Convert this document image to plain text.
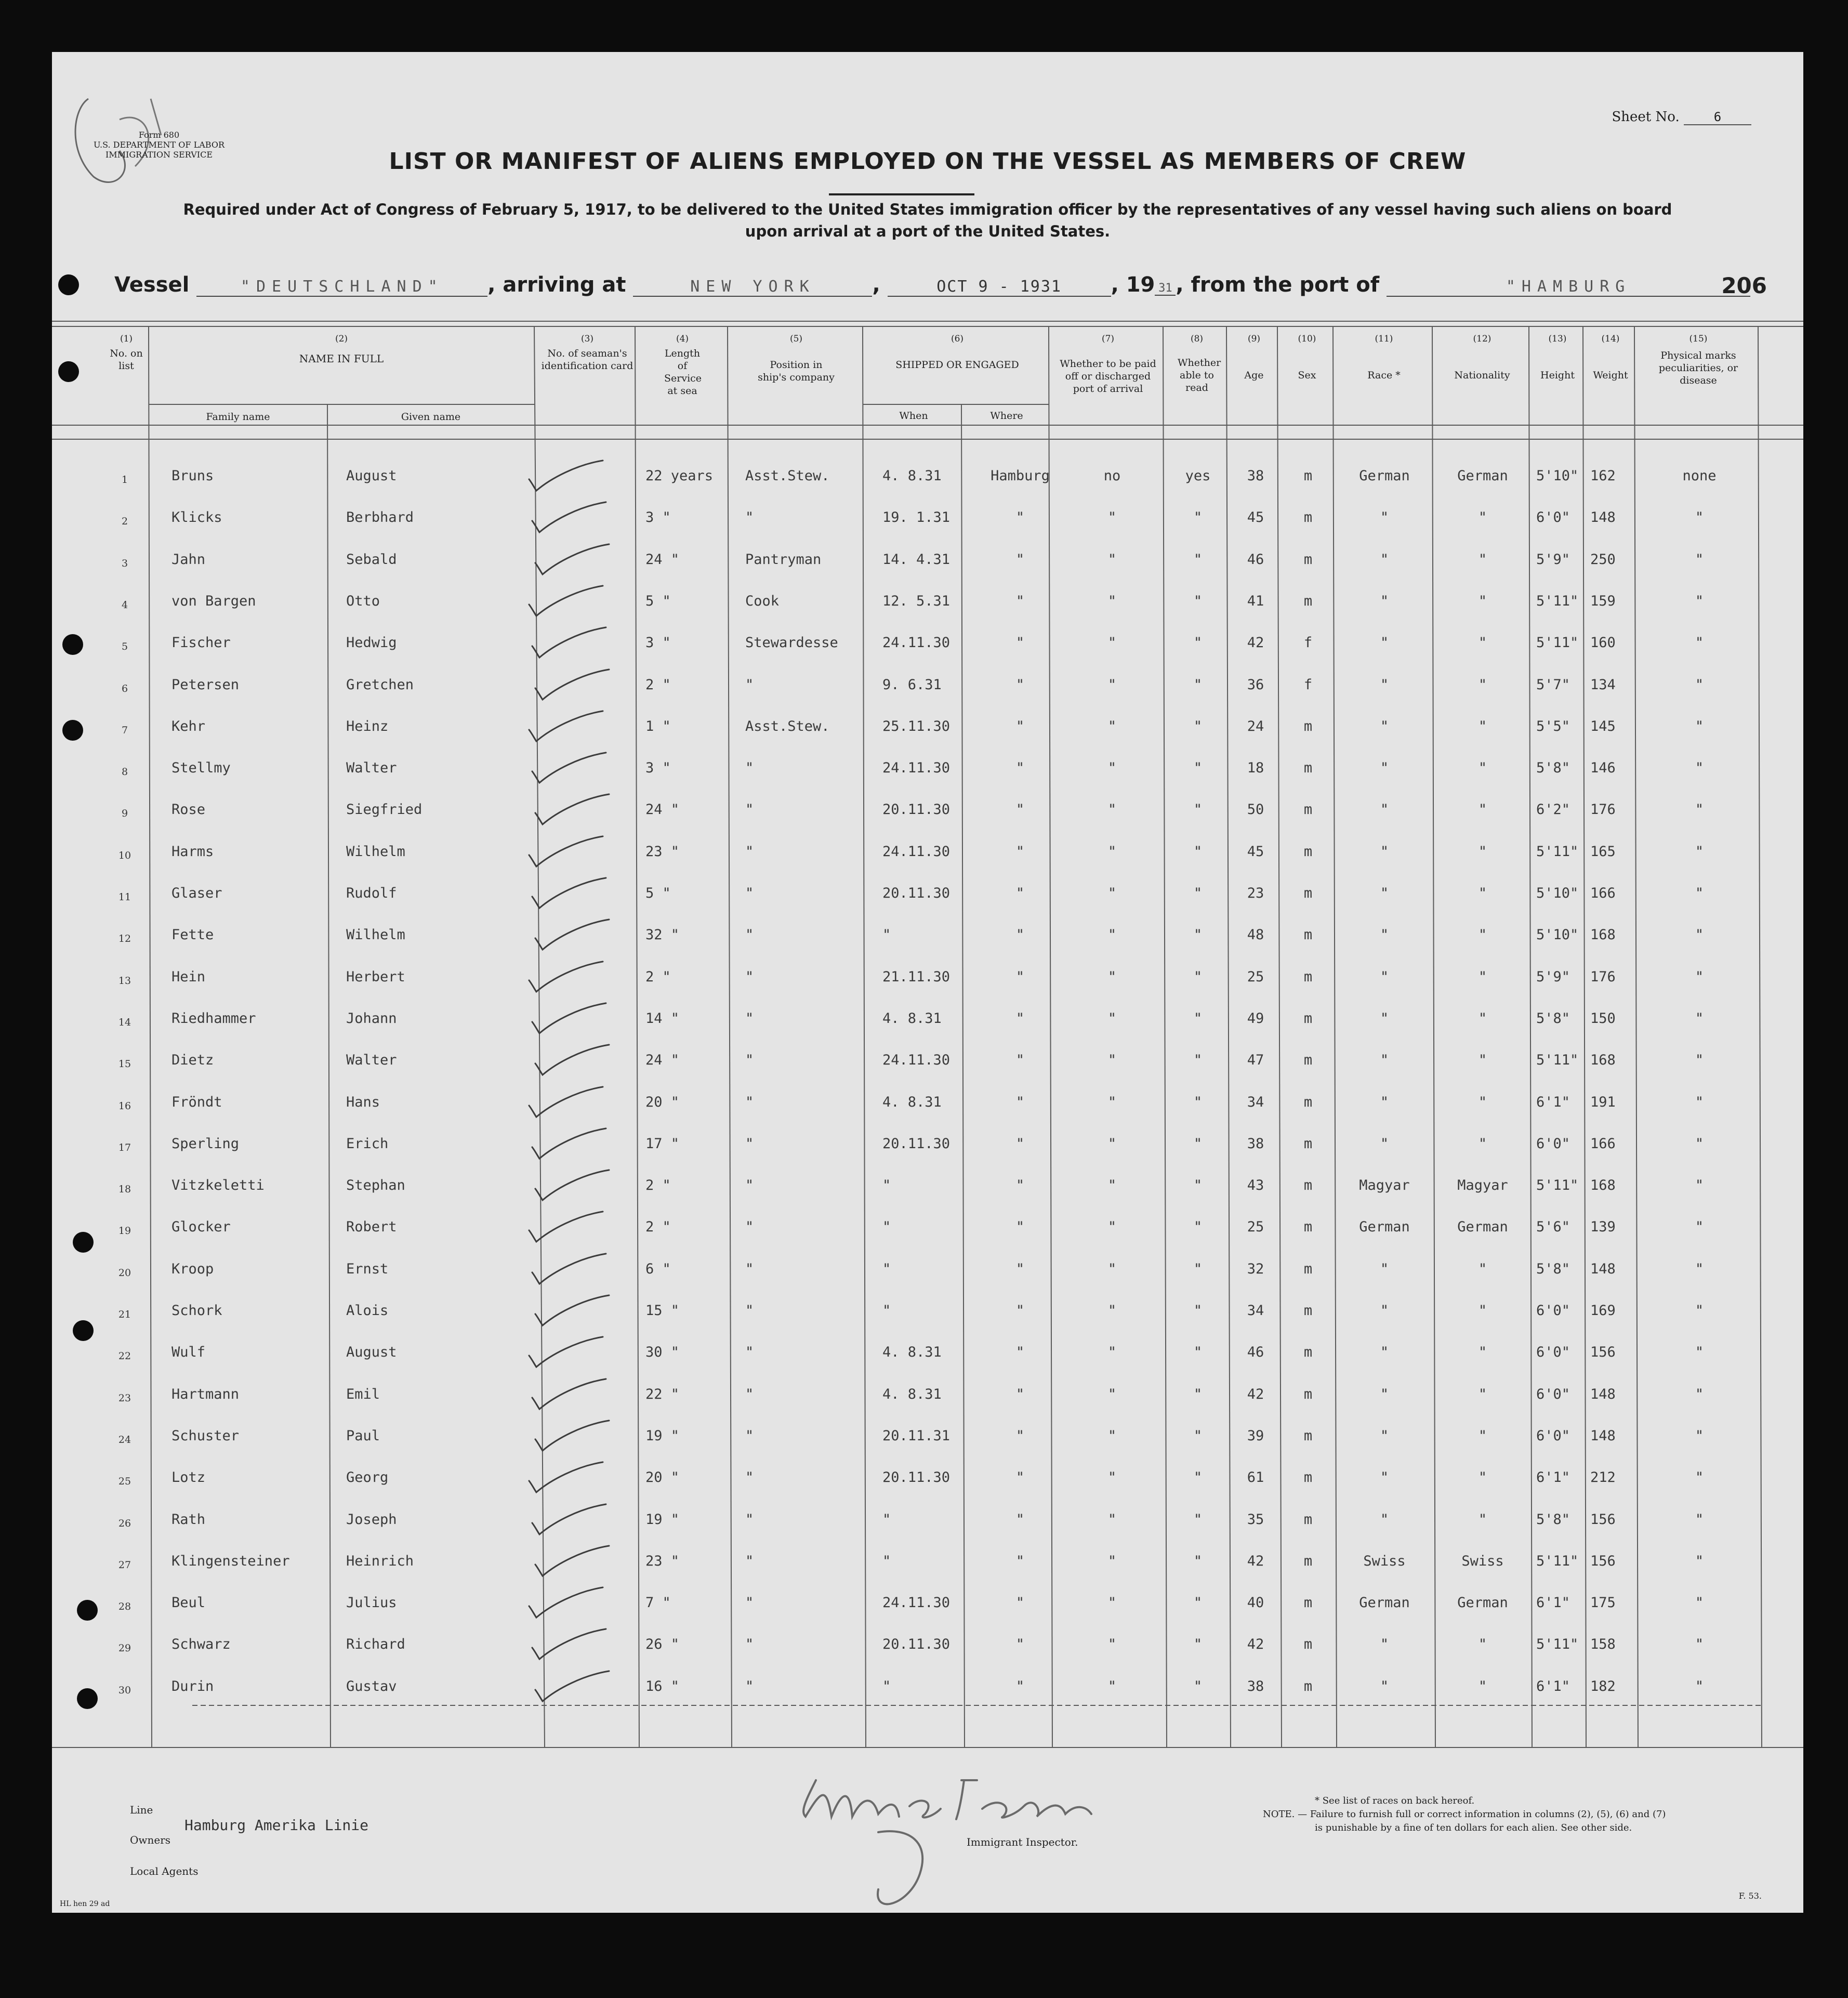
Form 680
U.S. DEPARTMENT OF LABOR
IMMIGRATION SERVICE
Sheet No.	6
LIST OR MANIFEST OF ALIENS EMPLOYED ON THE VESSEL AS MEMBERS OF CREW
Required under Act of Congress of February 5, 1917, to be delivered to the United States immigration officer by the representatives of any vessel having such aliens on board
upon arrival at a port of the United States.
Vessel	"DEUTSCHLAND" , arriving at	NEW YORK	,	OCT 9 - 1931 , 19 31 , from the port of	"HAMBURG	206
(1)
No. on list
(2)
NAME IN FULL
Family name	Given name
(3)
No. of seaman's identification card
(4)
Length of Service at sea
(5)
Position in ship's company
(6)
SHIPPED OR ENGAGED
When	Where
(7)
Whether to be paid off or discharged port of arrival
(8)
Whether able to read
(9)
Age
(10)
Sex
(11)
Race *
(12)
Nationality
(13)
Height
(14)
Weight
(15)
Physical marks peculiarities, or disease
1	Bruns	August	22 years Asst.Stew.	4. 8.31	Hamburg	no	yes	38	m	German	German	5'10" 162	none
2	Klicks	Berbhard	3 "	"	19. 1.31	"	"	"	45	m	"	"	6'0" 148	"
3	Jahn	Sebald	24 "	Pantryman	14. 4.31	"	"	"	46	m	"	"	5'9" 250	"
4	von Bargen	Otto	5 "	Cook	12. 5.31	"	"	"	41	m	"	"	5'11" 159	"
5	Fischer	Hedwig	3 "	Stewardesse	24.11.30	"	"	"	42	f	"	"	5'11" 160	"
6	Petersen	Gretchen	2 "	"	9. 6.31	"	"	"	36	f	"	"	5'7" 134	"
7	Kehr	Heinz	1 "	Asst.Stew.	25.11.30	"	"	"	24	m	"	"	5'5" 145	"
8	Stellmy	Walter	3 "	"	24.11.30	"	"	"	18	m	"	"	5'8" 146	"
9	Rose	Siegfried	24 "	"	20.11.30	"	"	"	50	m	"	"	6'2" 176	"
10	Harms	Wilhelm	23 "	"	24.11.30	"	"	"	45	m	"	"	5'11" 165	"
11	Glaser	Rudolf	5 "	"	20.11.30	"	"	"	23	m	"	"	5'10" 166	"
12	Fette	Wilhelm	32 "	"	"	"	"	"	48	m	"	"	5'10" 168	"
13	Hein	Herbert	2 "	"	21.11.30	"	"	"	25	m	"	"	5'9" 176	"
14	Riedhammer	Johann	14 "	"	4. 8.31	"	"	"	49	m	"	"	5'8" 150	"
15	Dietz	Walter	24 "	"	24.11.30	"	"	"	47	m	"	"	5'11" 168	"
16	Fröndt	Hans	20 "	"	4. 8.31	"	"	"	34	m	"	"	6'1" 191	"
17	Sperling	Erich	17 "	"	20.11.30	"	"	"	38	m	"	"	6'0" 166	"
18	Vitzkeletti	Stephan	2 "	"	"	"	"	"	43	m	Magyar	Magyar	5'11" 168	"
19	Glocker	Robert	2 "	"	"	"	"	"	25	m	German	German	5'6" 139	"
20	Kroop	Ernst	6 "	"	"	"	"	"	32	m	"	"	5'8" 148	"
21	Schork	Alois	15 "	"	"	"	"	"	34	m	"	"	6'0" 169	"
22	Wulf	August	30 "	"	4. 8.31	"	"	"	46	m	"	"	6'0" 156	"
23	Hartmann	Emil	22 "	"	4. 8.31	"	"	"	42	m	"	"	6'0" 148	"
24	Schuster	Paul	19 "	"	20.11.31	"	"	"	39	m	"	"	6'0" 148	"
25	Lotz	Georg	20 "	"	20.11.30	"	"	"	61	m	"	"	6'1" 212	"
26	Rath	Joseph	19 "	"	"	"	"	"	35	m	"	"	5'8" 156	"
27	Klingensteiner	Heinrich	23 "	"	"	"	"	"	42	m	Swiss	Swiss	5'11" 156	"
28	Beul	Julius	7 "	"	24.11.30	"	"	"	40	m	German	German	6'1" 175	"
29	Schwarz	Richard	26 "	"	20.11.30	"	"	"	42	m	"	"	5'11" 158	"
30	Durin	Gustav	16 "	"	"	"	"	"	38	m	"	"	6'1" 182	"
Line
Owners
Hamburg Amerika Linie
Local Agents
Immigrant Inspector.
* See list of races on back hereof.
NOTE. — Failure to furnish full or correct information in columns (2), (5), (6) and (7)
is punishable by a fine of ten dollars for each alien. See other side.
HL hen 29 ad
F. 53.
